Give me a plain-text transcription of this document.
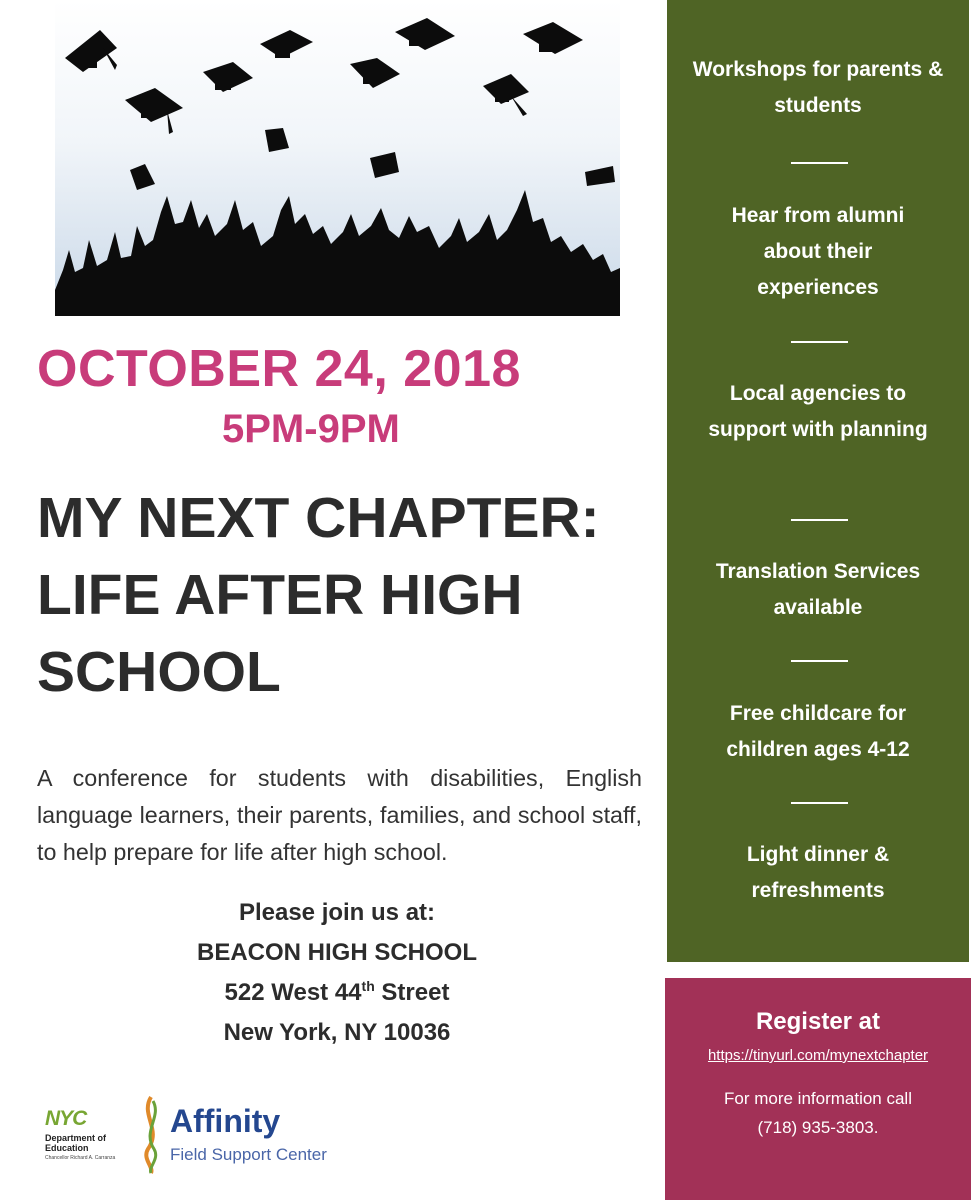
OCTOBER 24, 2018
5PM-9PM
MY NEXT CHAPTER: LIFE AFTER HIGH SCHOOL

A conference for students with disabilities, English language learners, their parents, families, and school staff, to help prepare for life after high school.

Please join us at:
BEACON HIGH SCHOOL
522 West 44th Street
New York, NY 10036
NYC
Department of Education
Chancellor Richard A. Carranza
Affinity
Field Support Center
Workshops for parents & students
Hear from alumni about their experiences
Local agencies to support with planning
Translation Services available
Free childcare for children ages 4-12
Light dinner & refreshments
Register at
https://tinyurl.com/mynextchapter
For more information call
(718) 935-3803.
